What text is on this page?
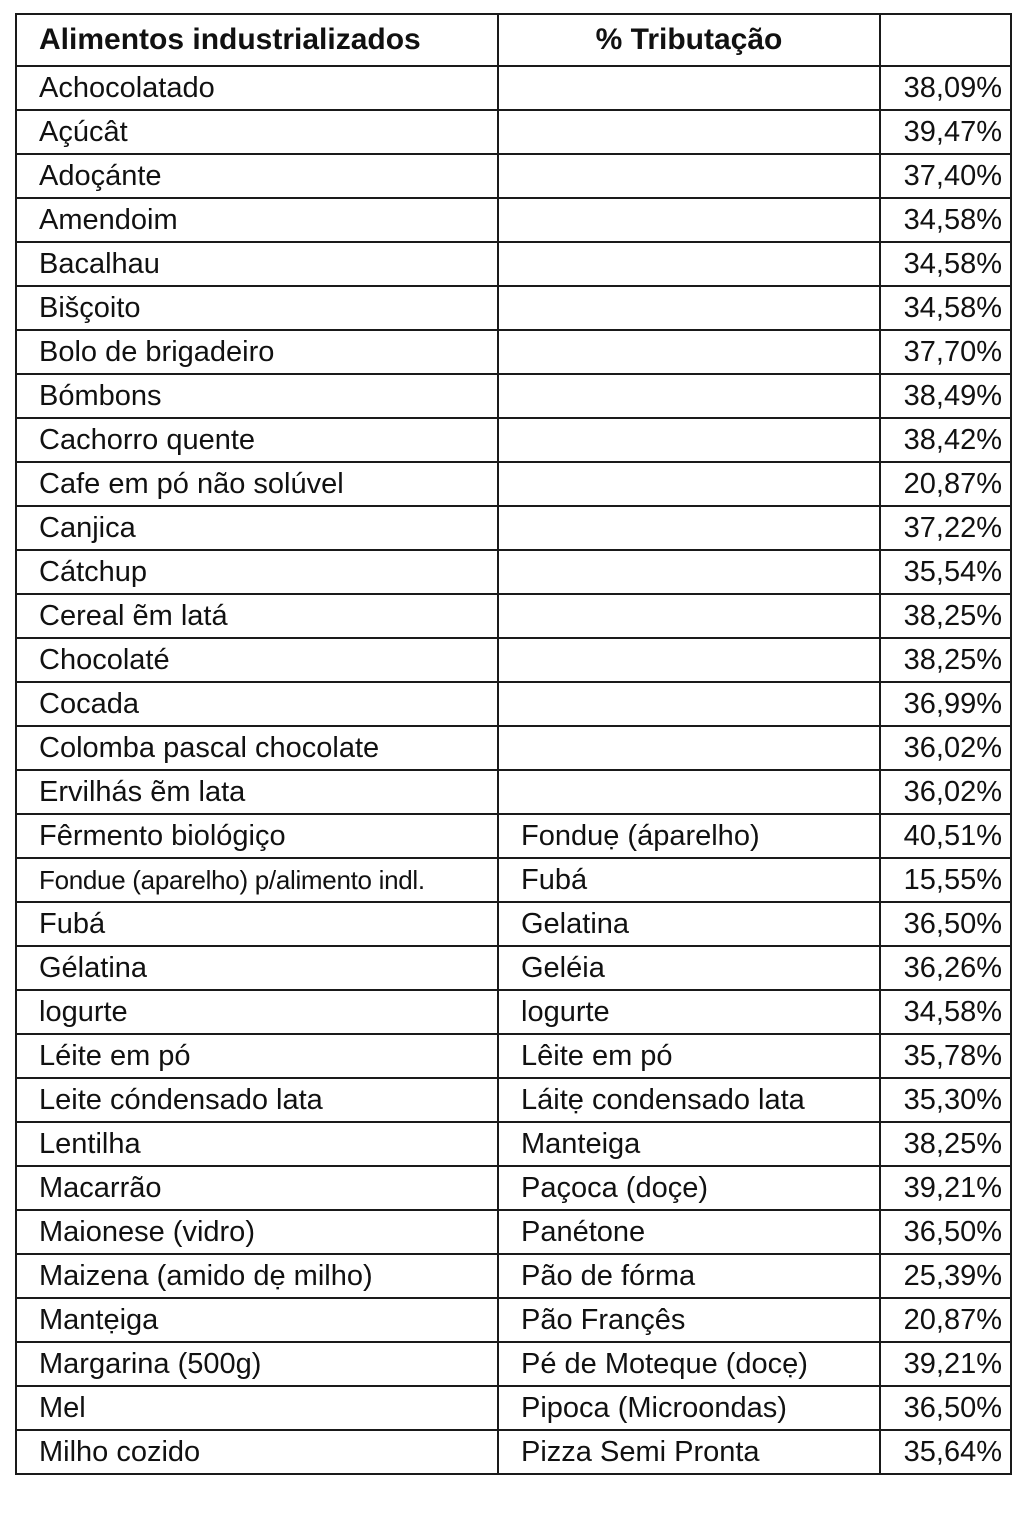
Alimentos industrializados	% Tributação	
Achocolatado		38,09%
Açúcât		39,47%
Adoçánte		37,40%
Amendoim		34,58%
Bacalhau		34,58%
Bišçoito		34,58%
Bolo de brigadeiro		37,70%
Bómbons		38,49%
Cachorro quente		38,42%
Cafe em pó não solúvel		20,87%
Canjica		37,22%
Cátchup		35,54%
Cereal ẽm latá		38,25%
Chocolaté		38,25%
Cocada		36,99%
Colomba pascal chocolate		36,02%
Ervilhás ẽm lata		36,02%
Fêrmento biológiço	Fonduẹ (áparelho)	40,51%
Fondue (aparelho) p/alimento indl.	Fubá	15,55%
Fubá	Gelatina	36,50%
Gélatina	Geléia	36,26%
logurte	logurte	34,58%
Léite em pó	Lêite em pó	35,78%
Leite cóndensado lata	Láitẹ condensado lata	35,30%
Lentilha	Manteiga	38,25%
Macarrão	Paçoca (doçe)	39,21%
Maionese (vidro)	Panétone	36,50%
Maizena (amido dẹ milho)	Pão de fórma	25,39%
Mantẹiga	Pão Françês	20,87%
Margarina (500g)	Pé de Moteque (docẹ)	39,21%
Mel	Pipoca (Microondas)	36,50%
Milho cozido	Pizza Semi Pronta	35,64%
